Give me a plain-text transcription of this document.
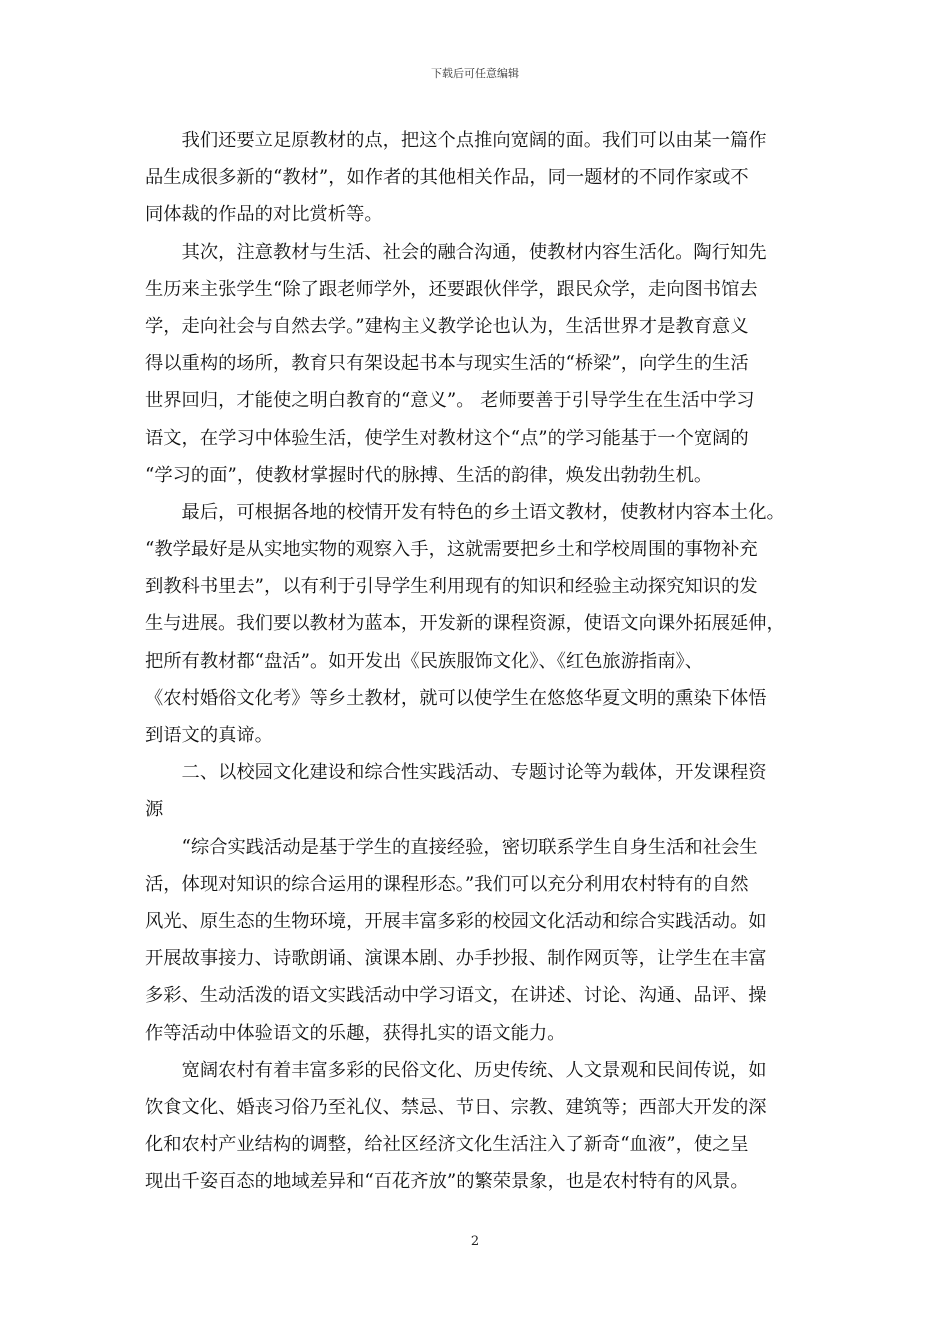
下载后可任意编辑
　　我们还要立足原教材的点，把这个点推向宽阔的面。我们可以由某一篇作
品生成很多新的“教材”，如作者的其他相关作品，同一题材的不同作家或不
同体裁的作品的对比赏析等。
　　其次，注意教材与生活、社会的融合沟通，使教材内容生活化。陶行知先
生历来主张学生“除了跟老师学外，还要跟伙伴学，跟民众学，走向图书馆去
学，走向社会与自然去学。”建构主义教学论也认为，生活世界才是教育意义
得以重构的场所，教育只有架设起书本与现实生活的“桥梁”，向学生的生活
世界回归，才能使之明白教育的“意义”。 老师要善于引导学生在生活中学习
语文，在学习中体验生活，使学生对教材这个“点”的学习能基于一个宽阔的
“学习的面”，使教材掌握时代的脉搏、生活的韵律，焕发出勃勃生机。
　　最后，可根据各地的校情开发有特色的乡土语文教材，使教材内容本土化。
“教学最好是从实地实物的观察入手，这就需要把乡土和学校周围的事物补充
到教科书里去”，以有利于引导学生利用现有的知识和经验主动探究知识的发
生与进展。我们要以教材为蓝本，开发新的课程资源，使语文向课外拓展延伸，
把所有教材都“盘活”。如开发出《民族服饰文化》、《红色旅游指南》、
《农村婚俗文化考》等乡土教材，就可以使学生在悠悠华夏文明的熏染下体悟
到语文的真谛。
　　二、以校园文化建设和综合性实践活动、专题讨论等为载体，开发课程资
源
　　“综合实践活动是基于学生的直接经验，密切联系学生自身生活和社会生
活，体现对知识的综合运用的课程形态。”我们可以充分利用农村特有的自然
风光、原生态的生物环境，开展丰富多彩的校园文化活动和综合实践活动。如
开展故事接力、诗歌朗诵、演课本剧、办手抄报、制作网页等，让学生在丰富
多彩、生动活泼的语文实践活动中学习语文，在讲述、讨论、沟通、品评、操
作等活动中体验语文的乐趣，获得扎实的语文能力。
　　宽阔农村有着丰富多彩的民俗文化、历史传统、人文景观和民间传说，如
饮食文化、婚丧习俗乃至礼仪、禁忌、节日、宗教、建筑等；西部大开发的深
化和农村产业结构的调整，给社区经济文化生活注入了新奇“血液”，使之呈
现出千姿百态的地域差异和“百花齐放”的繁荣景象，也是农村特有的风景。
2
